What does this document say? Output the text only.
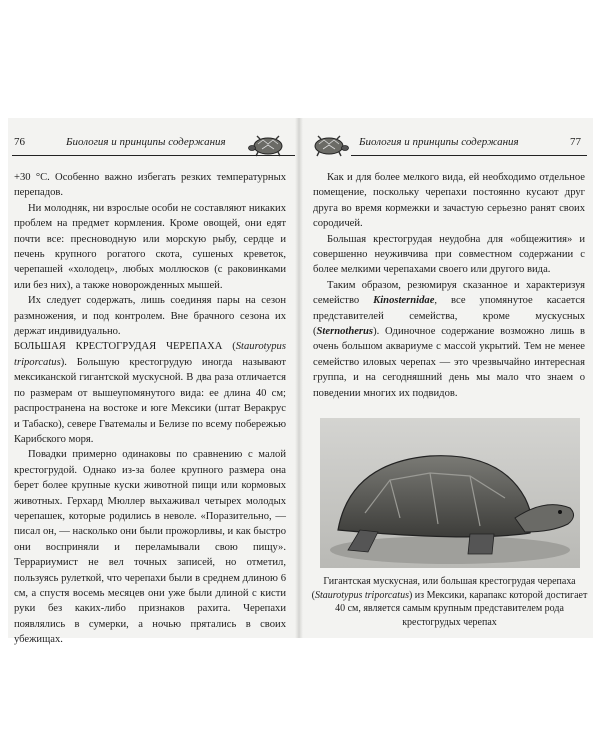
76	Биология и принципы содержания

+30 °С. Особенно важно избегать резких температурных перепадов.

Ни молодняк, ни взрослые особи не составляют никаких проблем на предмет кормления. Кроме овощей, они едят почти все: пресноводную или морскую рыбу, сердце и печень крупного рогатого скота, сушеных креветок, черепашей «холодец», любых моллюсков (с раковинками или без них), а также новорожденных мышей.

Их следует содержать, лишь соединяя пары на сезон размножения, и под контролем. Вне брачного сезона их держат индивидуально.

БОЛЬШАЯ КРЕСТОГРУДАЯ ЧЕРЕПАХА (Staurotypus triporcatus). Большую крестогрудую иногда называют мексиканской гигантской мускусной. В два раза отличается по размерам от вышеупомянутого вида: ее длина 40 см; распространена на востоке и юге Мексики (штат Веракрус и Табаско), севере Гватемалы и Белизе по всему побережью Карибского моря.

Повадки примерно одинаковы по сравнению с малой крестогрудой. Однако из-за более крупного размера она берет более крупные куски животной пищи или кормовых животных. Герхард Мюллер выхаживал четырех молодых черепашек, которые родились в неволе. «Поразительно, — писал он, — насколько они были прожорливы, и как быстро они восприняли и переламывали свою пищу». Террариумист не вел точных записей, но отметил, пользуясь рулеткой, что черепахи были в среднем длиною 6 см, а спустя восемь месяцев они уже были длиной с кисти руки без каких-либо признаков рахита. Черепахи появлялись в сумерки, а ночью прятались в своих убежищах.

Биология и принципы содержания	77

Как и для более мелкого вида, ей необходимо отдельное помещение, поскольку черепахи постоянно кусают друг друга во время кормежки и зачастую серьезно ранят своих сородичей.

Большая крестогрудая неудобна для «общежития» и совершенно неуживчива при совместном содержании с более мелкими черепахами своего или другого вида.

Таким образом, резюмируя сказанное и характеризуя семейство Kinosternidae, все упомянутое касается представителей семейства, кроме мускусных (Sternotherus). Одиночное содержание возможно лишь в очень большом аквариуме с массой укрытий. Тем не менее семейство иловых черепах — это чрезвычайно интересная группа, и на сегодняшний день мы мало что знаем о поведении многих их подвидов.

Гигантская мускусная, или большая крестогрудая черепаха (Staurotypus triporcatus) из Мексики, карапакс которой достигает 40 см, является самым крупным представителем рода крестогрудых черепах
